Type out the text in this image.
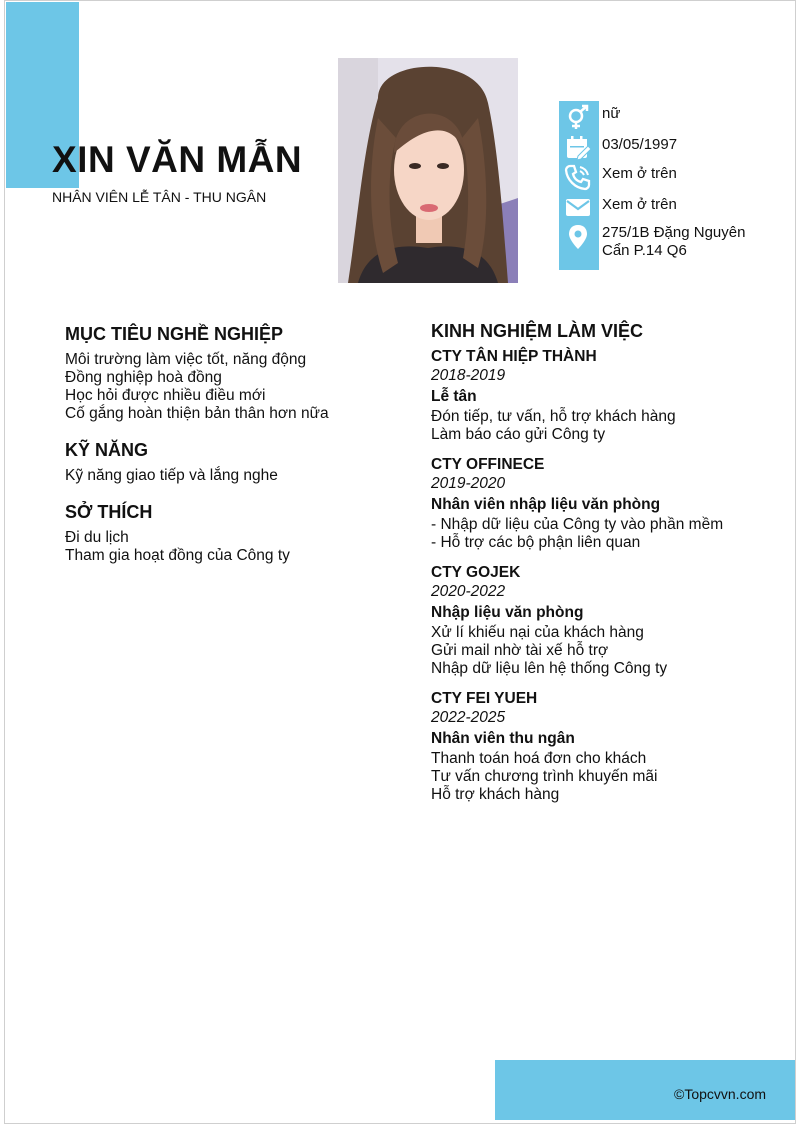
XIN VĂN MẪN
NHÂN VIÊN LỄ TÂN - THU NGÂN
nữ
03/05/1997
Xem ở trên
Xem ở trên
275/1B Đặng Nguyên
Cẩn P.14 Q6
MỤC TIÊU NGHỀ NGHIỆP
Môi trường làm việc tốt, năng động
Đồng nghiệp hoà đồng
Học hỏi được nhiều điều mới
Cố gắng hoàn thiện bản thân hơn nữa
KỸ NĂNG
Kỹ năng giao tiếp và lắng nghe
SỞ THÍCH
Đi du lịch
Tham gia hoạt đồng của Công ty
KINH NGHIỆM LÀM VIỆC
CTY TÂN HIỆP THÀNH
2018-2019
Lễ tân
Đón tiếp, tư vấn, hỗ trợ khách hàng
Làm báo cáo gửi Công ty
CTY OFFINECE
2019-2020
Nhân viên nhập liệu văn phòng
- Nhập dữ liệu của Công ty vào phần mềm
- Hỗ trợ các bộ phận liên quan
CTY GOJEK
2020-2022
Nhập liệu văn phòng
Xử lí khiếu nại của khách hàng
Gửi mail nhờ tài xế hỗ trợ
Nhập dữ liệu lên hệ thống Công ty
CTY FEI YUEH
2022-2025
Nhân viên thu ngân
Thanh toán hoá đơn cho khách
Tư vấn chương trình khuyến mãi
Hỗ trợ khách hàng
©Topcvvn.com
